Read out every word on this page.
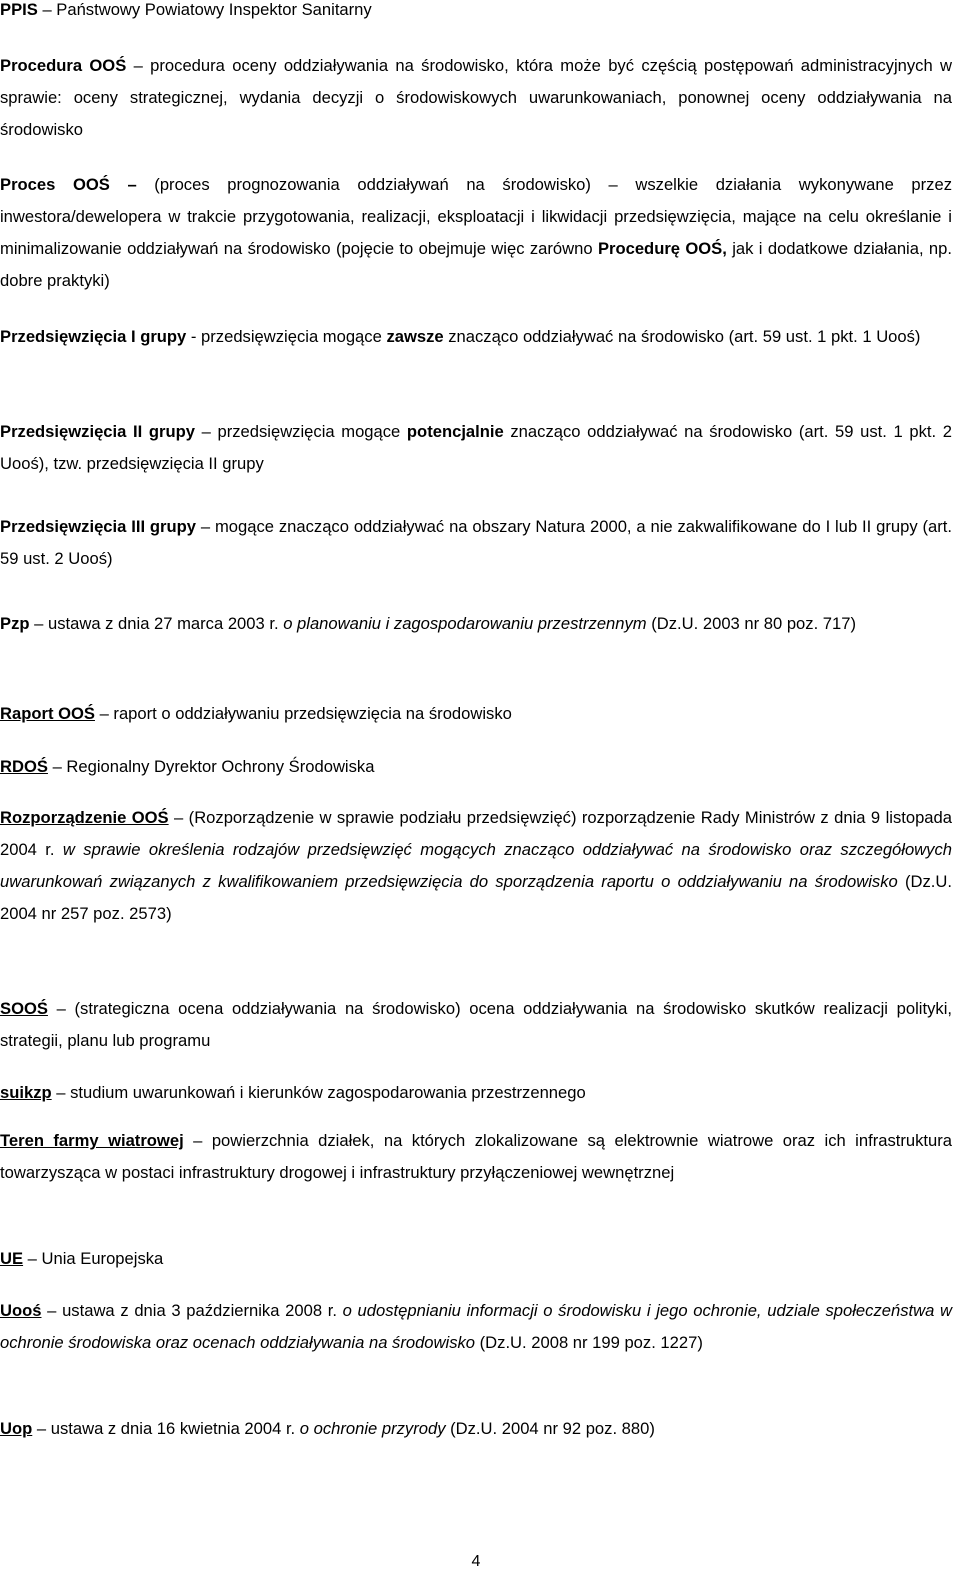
PPIS – Państwowy Powiatowy Inspektor Sanitarny

Procedura OOŚ – procedura oceny oddziaływania na środowisko, która może być częścią postępowań administracyjnych w sprawie: oceny strategicznej, wydania decyzji o środowiskowych uwarunkowaniach, ponownej oceny oddziaływania na środowisko

Proces OOŚ – (proces prognozowania oddziaływań na środowisko) – wszelkie działania wykonywane przez inwestora/dewelopera w trakcie przygotowania, realizacji, eksploatacji i likwidacji przedsięwzięcia, mające na celu określanie i minimalizowanie oddziaływań na środowisko (pojęcie to obejmuje więc zarówno Procedurę OOŚ, jak i dodatkowe działania, np. dobre praktyki)

Przedsięwzięcia I grupy - przedsięwzięcia mogące zawsze znacząco oddziaływać na środowisko (art. 59 ust. 1 pkt. 1 Uooś)

Przedsięwzięcia II grupy – przedsięwzięcia mogące potencjalnie znacząco oddziaływać na środowisko (art. 59 ust. 1 pkt. 2 Uooś), tzw. przedsięwzięcia II grupy

Przedsięwzięcia III grupy – mogące znacząco oddziaływać na obszary Natura 2000, a nie zakwalifikowane do I lub II grupy (art. 59 ust. 2 Uooś)

Pzp – ustawa z dnia 27 marca 2003 r. o planowaniu i zagospodarowaniu przestrzennym (Dz.U. 2003 nr 80 poz. 717)

Raport OOŚ – raport o oddziaływaniu przedsięwzięcia na środowisko

RDOŚ – Regionalny Dyrektor Ochrony Środowiska

Rozporządzenie OOŚ – (Rozporządzenie w sprawie podziału przedsięwzięć) rozporządzenie Rady Ministrów z dnia 9 listopada 2004 r. w sprawie określenia rodzajów przedsięwzięć mogących znacząco oddziaływać na środowisko oraz szczegółowych uwarunkowań związanych z kwalifikowaniem przedsięwzięcia do sporządzenia raportu o oddziaływaniu na środowisko (Dz.U. 2004 nr 257 poz. 2573)

SOOŚ – (strategiczna ocena oddziaływania na środowisko) ocena oddziaływania na środowisko skutków realizacji polityki, strategii, planu lub programu

suikzp – studium uwarunkowań i kierunków zagospodarowania przestrzennego

Teren farmy wiatrowej – powierzchnia działek, na których zlokalizowane są elektrownie wiatrowe oraz ich infrastruktura towarzysząca w postaci infrastruktury drogowej i infrastruktury przyłączeniowej wewnętrznej

UE – Unia Europejska

Uooś – ustawa z dnia 3 października 2008 r. o udostępnianiu informacji o środowisku i jego ochronie, udziale społeczeństwa w ochronie środowiska oraz ocenach oddziaływania na środowisko (Dz.U. 2008 nr 199 poz. 1227)

Uop – ustawa z dnia 16 kwietnia 2004 r. o ochronie przyrody (Dz.U. 2004 nr 92 poz. 880)

4
